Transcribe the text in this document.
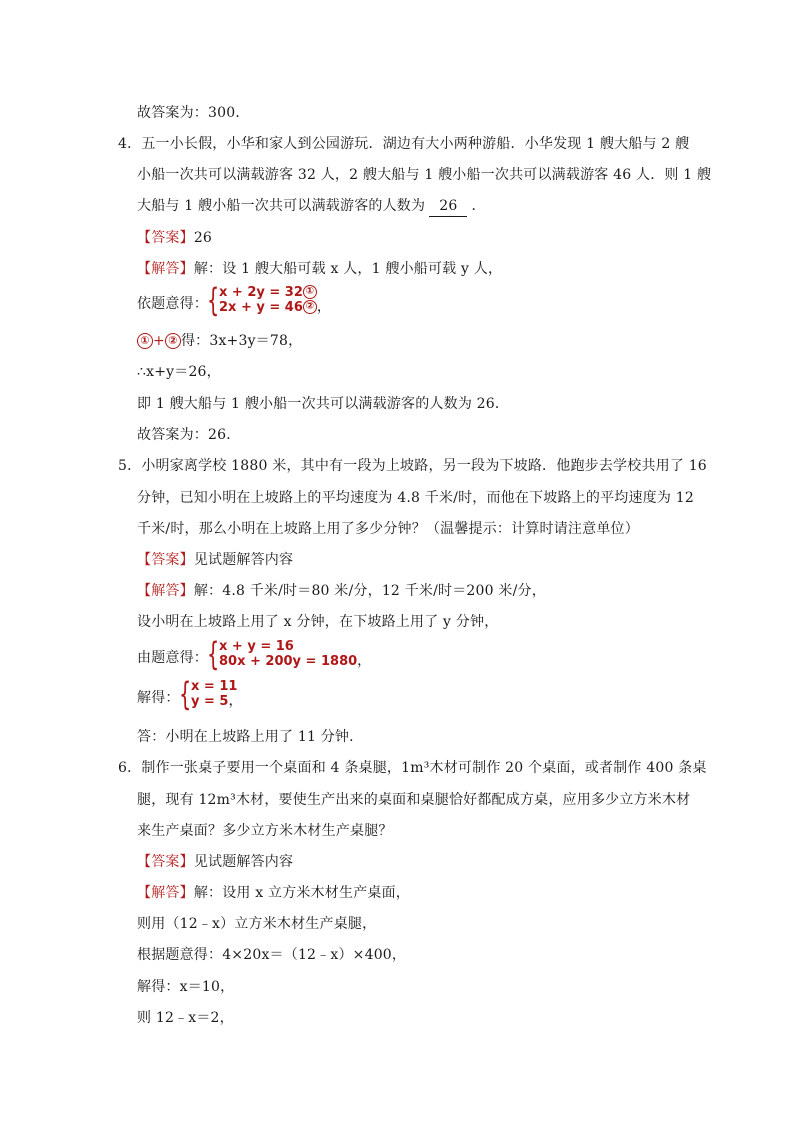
故答案为：300．
4．五一小长假，小华和家人到公园游玩．湖边有大小两种游船．小华发现 1 艘大船与 2 艘
小船一次共可以满载游客 32 人，2 艘大船与 1 艘小船一次共可以满载游客 46 人．则 1 艘
大船与 1 艘小船一次共可以满载游客的人数为 26 ．
【答案】26
【解答】解：设 1 艘大船可载 x 人，1 艘小船可载 y 人，
依题意得： { x + 2y = 32 ①
2x + y = 46 ② ，
① + ② 得：3x+3y＝78，
∴x+y＝26，
即 1 艘大船与 1 艘小船一次共可以满载游客的人数为 26．
故答案为：26．
5．小明家离学校 1880 米，其中有一段为上坡路，另一段为下坡路．他跑步去学校共用了 16
分钟，已知小明在上坡路上的平均速度为 4.8 千米/时，而他在下坡路上的平均速度为 12
千米/时，那么小明在上坡路上用了多少分钟？（温馨提示：计算时请注意单位）
【答案】见试题解答内容
【解答】解：4.8 千米/时＝80 米/分，12 千米/时＝200 米/分，
设小明在上坡路上用了 x 分钟，在下坡路上用了 y 分钟，
由题意得： { x + y = 16
80x + 200y = 1880，
解得： { x = 11
y = 5，
答：小明在上坡路上用了 11 分钟．
6．制作一张桌子要用一个桌面和 4 条桌腿，1m³木材可制作 20 个桌面，或者制作 400 条桌
腿，现有 12m³木材，要使生产出来的桌面和桌腿恰好都配成方桌，应用多少立方米木材
来生产桌面？多少立方米木材生产桌腿？
【答案】见试题解答内容
【解答】解：设用 x 立方米木材生产桌面，
则用（12﹣x）立方米木材生产桌腿，
根据题意得：4×20x＝（12﹣x）×400，
解得：x＝10，
则 12﹣x＝2，
